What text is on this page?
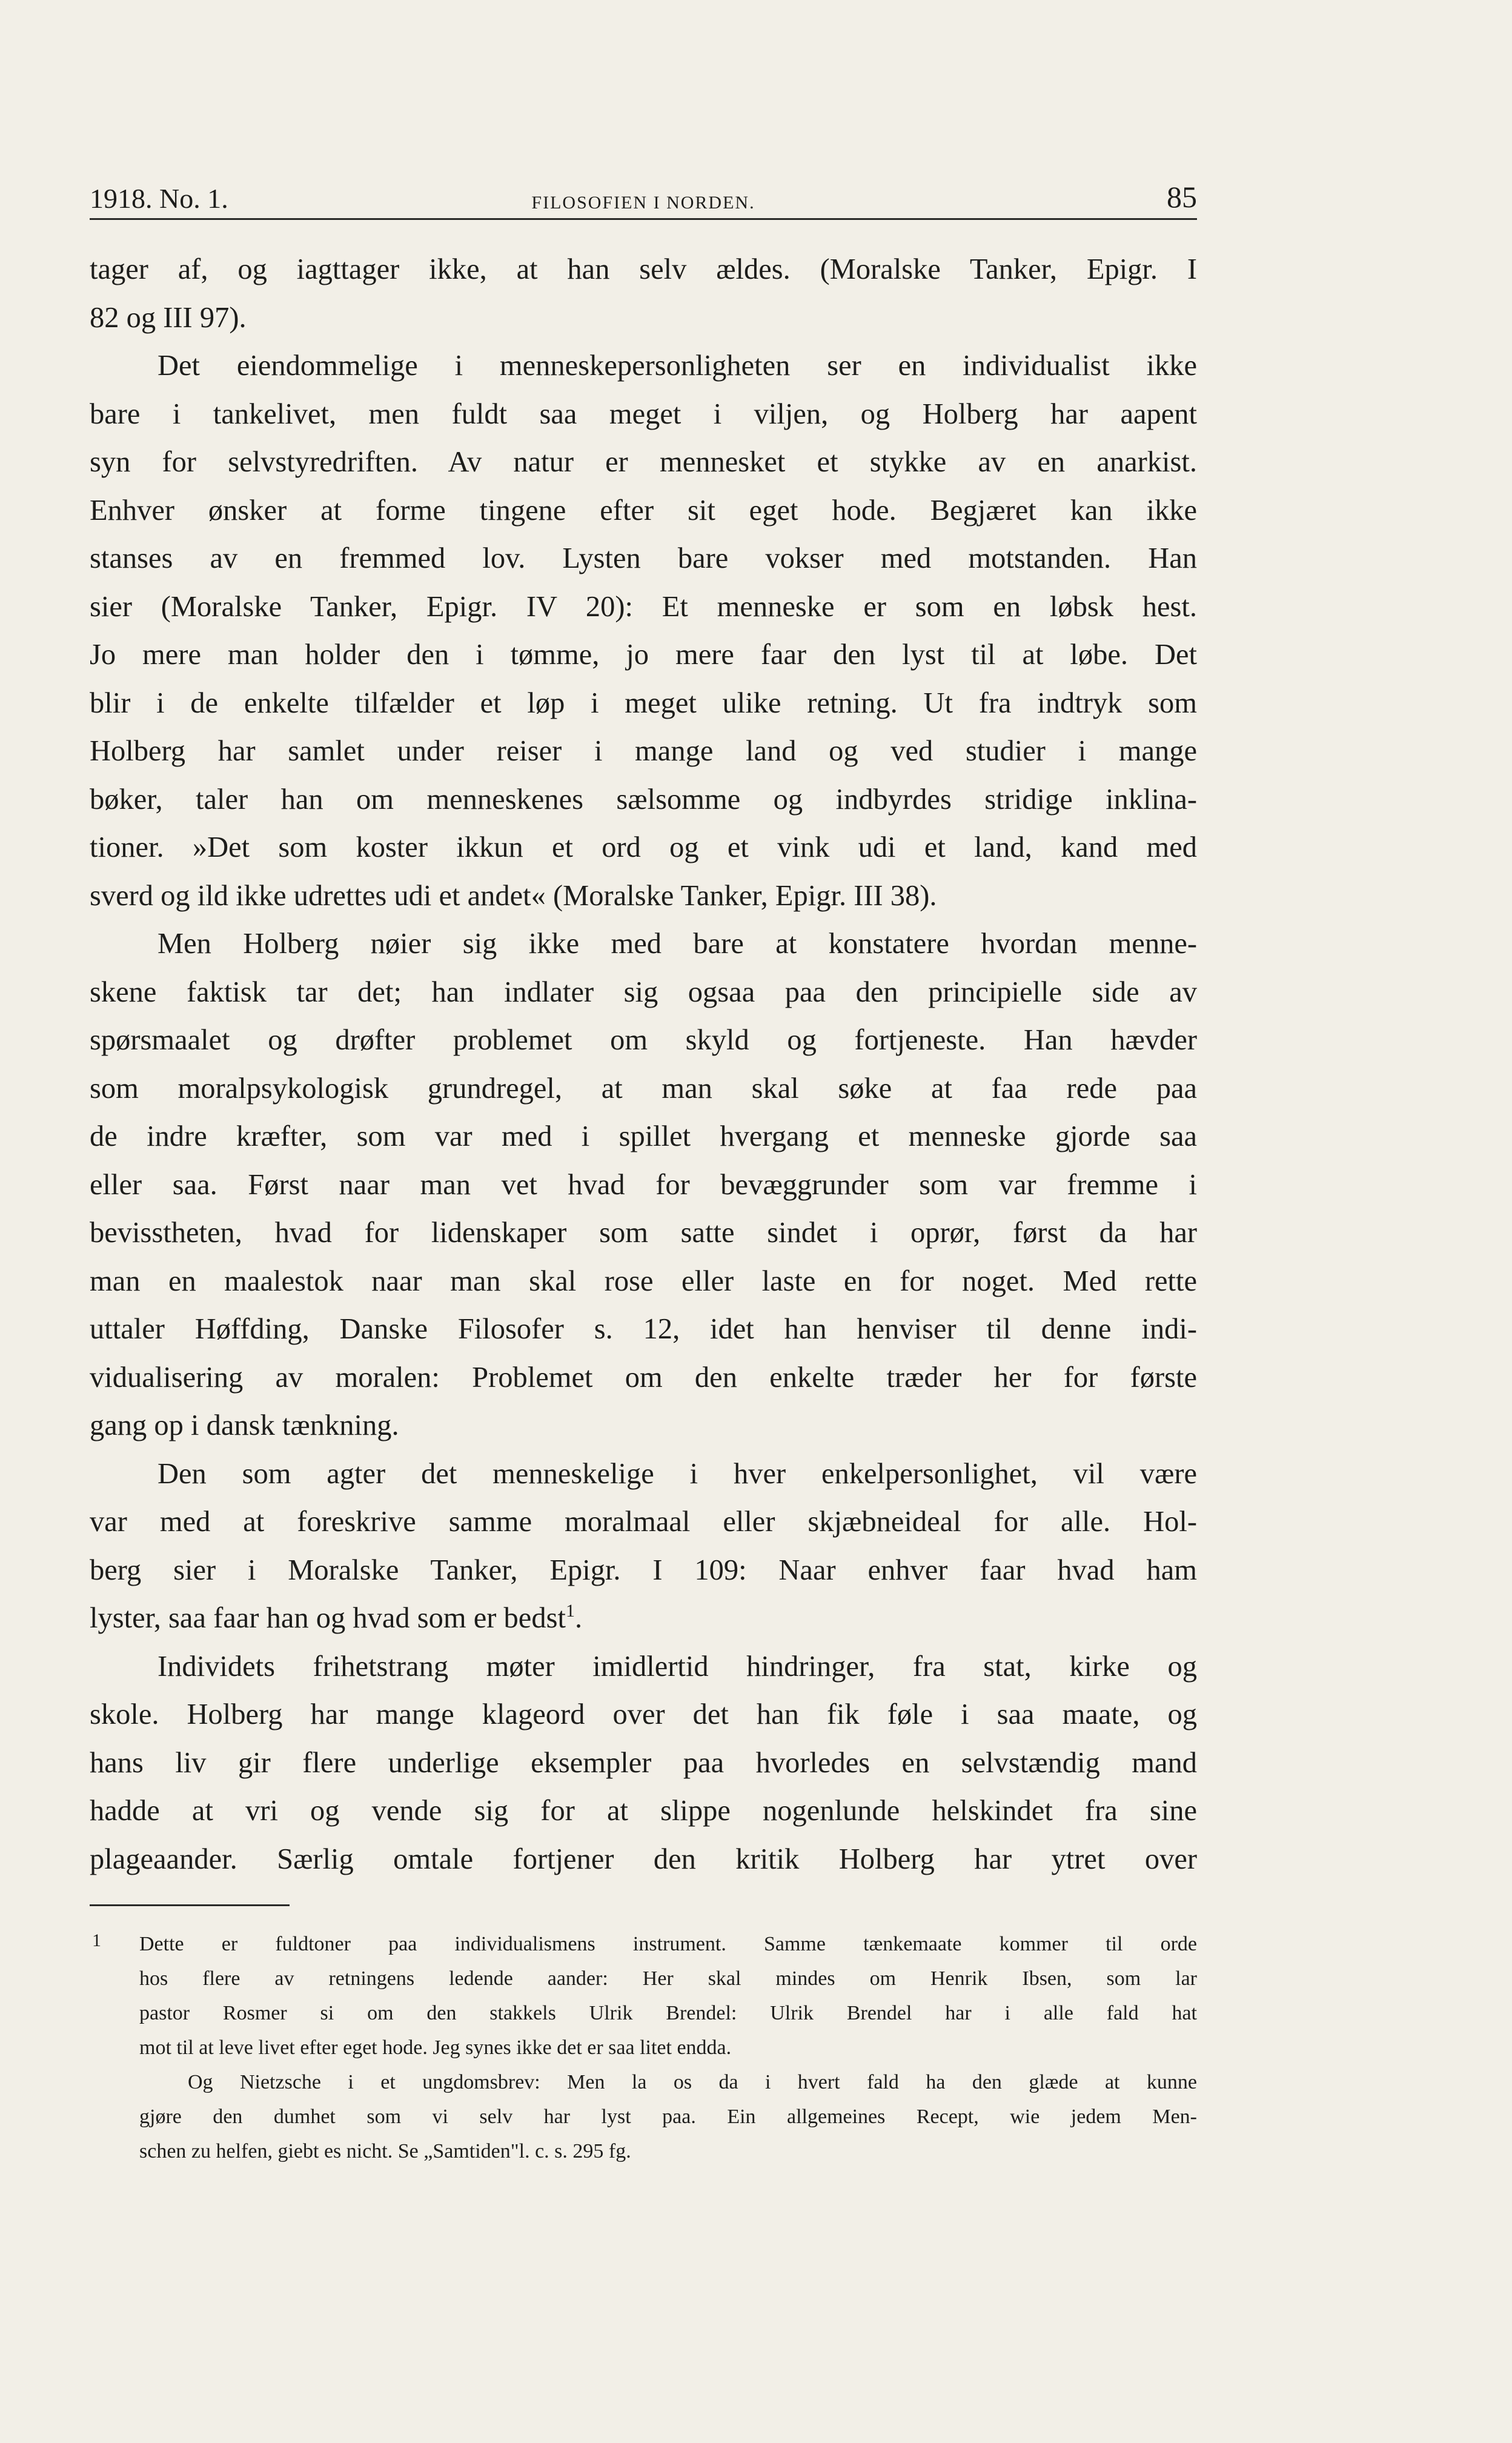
1918. No. 1.	FILOSOFIEN I NORDEN.	85

tager af, og iagttager ikke, at han selv ældes. (Moralske Tanker, Epigr. I

82 og III 97).

Det eiendommelige i menneskepersonligheten ser en individualist ikke

bare i tankelivet, men fuldt saa meget i viljen, og Holberg har aapent

syn for selvstyredriften. Av natur er mennesket et stykke av en anarkist.

Enhver ønsker at forme tingene efter sit eget hode. Begjæret kan ikke

stanses av en fremmed lov. Lysten bare vokser med motstanden. Han

sier (Moralske Tanker, Epigr. IV 20): Et menneske er som en løbsk hest.

Jo mere man holder den i tømme, jo mere faar den lyst til at løbe. Det

blir i de enkelte tilfælder et løp i meget ulike retning. Ut fra indtryk som

Holberg har samlet under reiser i mange land og ved studier i mange

bøker, taler han om menneskenes sælsomme og indbyrdes stridige inklina-

tioner. »Det som koster ikkun et ord og et vink udi et land, kand med

sverd og ild ikke udrettes udi et andet« (Moralske Tanker, Epigr. III 38).

Men Holberg nøier sig ikke med bare at konstatere hvordan menne-

skene faktisk tar det; han indlater sig ogsaa paa den principielle side av

spørsmaalet og drøfter problemet om skyld og fortjeneste. Han hævder

som moralpsykologisk grundregel, at man skal søke at faa rede paa

de indre kræfter, som var med i spillet hvergang et menneske gjorde saa

eller saa. Først naar man vet hvad for bevæggrunder som var fremme i

bevisstheten, hvad for lidenskaper som satte sindet i oprør, først da har

man en maalestok naar man skal rose eller laste en for noget. Med rette

uttaler Høffding, Danske Filosofer s. 12, idet han henviser til denne indi-

vidualisering av moralen: Problemet om den enkelte træder her for første

gang op i dansk tænkning.

Den som agter det menneskelige i hver enkelpersonlighet, vil være

var med at foreskrive samme moralmaal eller skjæbneideal for alle. Hol-

berg sier i Moralske Tanker, Epigr. I 109: Naar enhver faar hvad ham

lyster, saa faar han og hvad som er bedst$^1$.

Individets frihetstrang møter imidlertid hindringer, fra stat, kirke og

skole. Holberg har mange klageord over det han fik føle i saa maate, og

hans liv gir flere underlige eksempler paa hvorledes en selvstændig mand

hadde at vri og vende sig for at slippe nogenlunde helskindet fra sine

plageaander. Særlig omtale fortjener den kritik Holberg har ytret over

1 Dette er fuldtoner paa individualismens instrument. Samme tænkemaate kommer til orde

hos flere av retningens ledende aander: Her skal mindes om Henrik Ibsen, som lar

pastor Rosmer si om den stakkels Ulrik Brendel: Ulrik Brendel har i alle fald hat

mot til at leve livet efter eget hode. Jeg synes ikke det er saa litet endda.

Og Nietzsche i et ungdomsbrev: Men la os da i hvert fald ha den glæde at kunne

gjøre den dumhet som vi selv har lyst paa. Ein allgemeines Recept, wie jedem Men-

schen zu helfen, giebt es nicht. Se „Samtiden"l. c. s. 295 fg.
